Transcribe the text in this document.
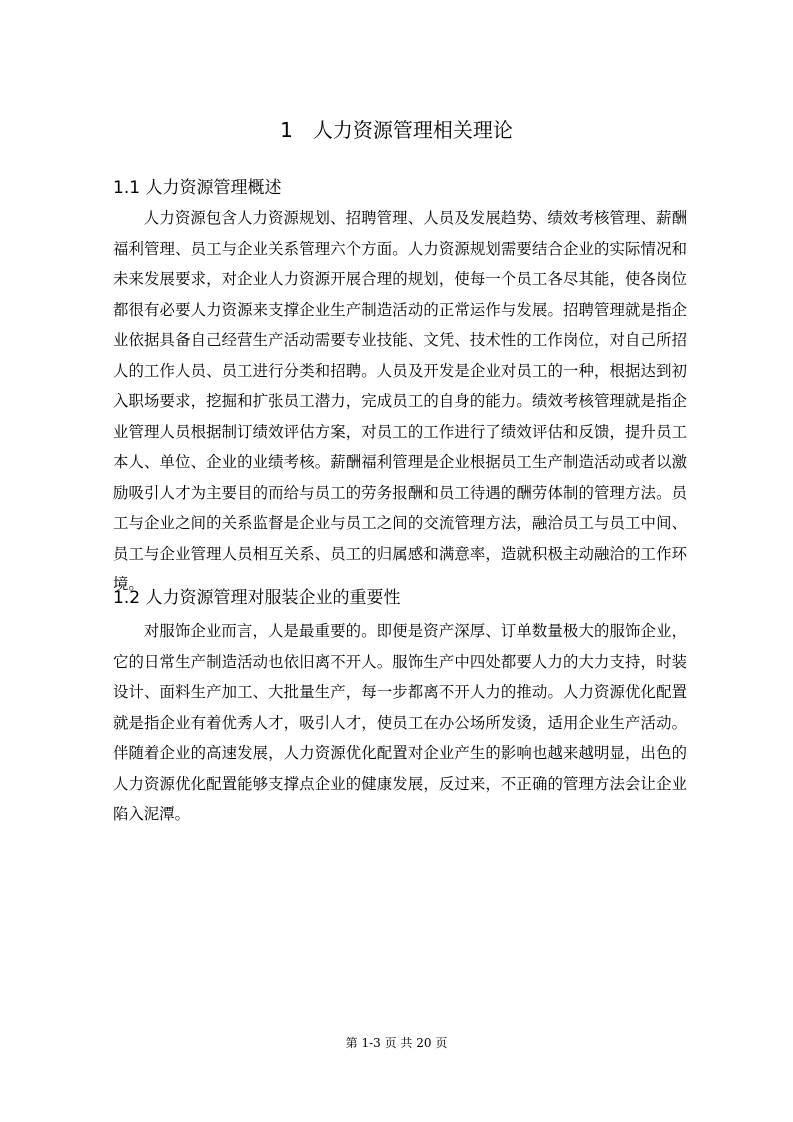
1　人力资源管理相关理论
1.1 人力资源管理概述

人力资源包含人力资源规划、招聘管理、人员及发展趋势、绩效考核管理、薪酬福利管理、员工与企业关系管理六个方面。人力资源规划需要结合企业的实际情况和未来发展要求，对企业人力资源开展合理的规划，使每一个员工各尽其能，使各岗位都很有必要人力资源来支撑企业生产制造活动的正常运作与发展。招聘管理就是指企业依据具备自己经营生产活动需要专业技能、文凭、技术性的工作岗位，对自己所招人的工作人员、员工进行分类和招聘。人员及开发是企业对员工的一种，根据达到初入职场要求，挖掘和扩张员工潜力，完成员工的自身的能力。绩效考核管理就是指企业管理人员根据制订绩效评估方案，对员工的工作进行了绩效评估和反馈，提升员工本人、单位、企业的业绩考核。薪酬福利管理是企业根据员工生产制造活动或者以激励吸引人才为主要目的而给与员工的劳务报酬和员工待遇的酬劳体制的管理方法。员工与企业之间的关系监督是企业与员工之间的交流管理方法，融洽员工与员工中间、员工与企业管理人员相互关系、员工的归属感和满意率，造就积极主动融洽的工作环境。

1.2 人力资源管理对服装企业的重要性

对服饰企业而言，人是最重要的。即便是资产深厚、订单数量极大的服饰企业，它的日常生产制造活动也依旧离不开人。服饰生产中四处都要人力的大力支持，时装设计、面料生产加工、大批量生产，每一步都离不开人力的推动。人力资源优化配置就是指企业有着优秀人才，吸引人才，使员工在办公场所发烫，适用企业生产活动。伴随着企业的高速发展，人力资源优化配置对企业产生的影响也越来越明显，出色的人力资源优化配置能够支撑点企业的健康发展，反过来，不正确的管理方法会让企业陷入泥潭。

第 1-3 页 共 20 页
